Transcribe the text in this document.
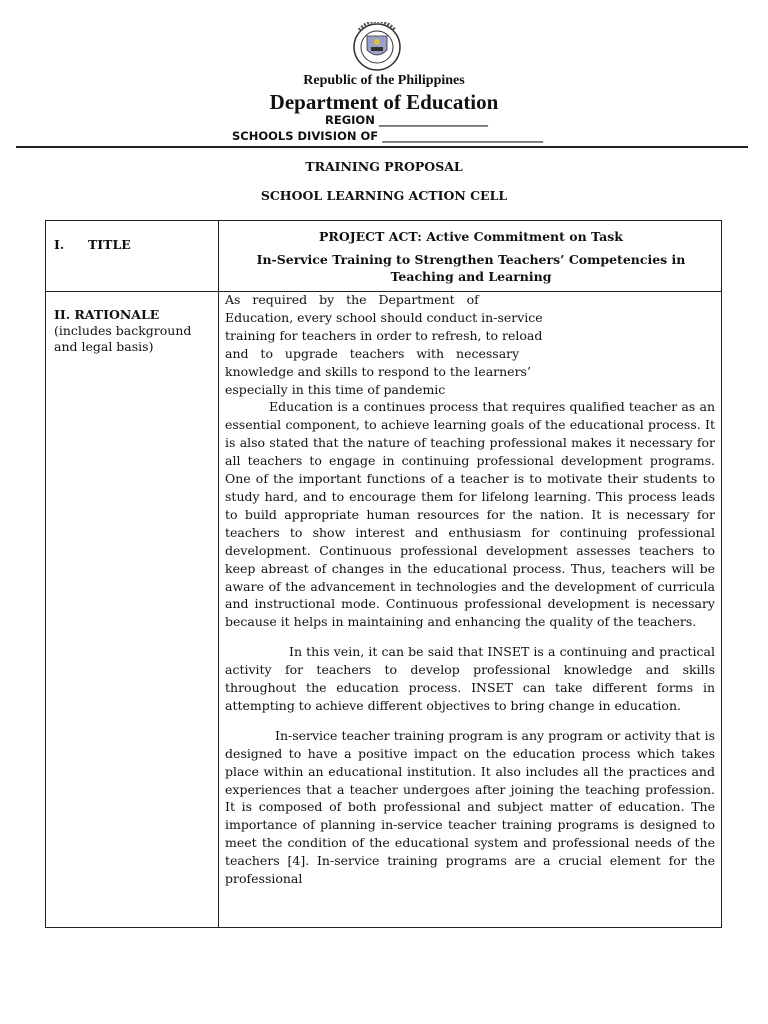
Republic of the Philippines
Department of Education
REGION ___________________
SCHOOLS DIVISION OF ____________________________
TRAINING PROPOSAL
SCHOOL LEARNING ACTION CELL
I. TITLE
PROJECT ACT: Active Commitment on Task
In-Service Training to Strengthen Teachers’ Competencies in Teaching and Learning
II. RATIONALE
(includes background and legal basis)

As   required   by   the   Department   of

Education, every school should conduct in-service

training for teachers in order to refresh, to reload

and   to   upgrade   teachers   with   necessary

knowledge and skills to respond to the learners’

especially in this time of pandemic

Education is a continues process that requires qualified teacher as an essential component, to achieve learning goals of the educational process. It is also stated that the nature of teaching professional makes it necessary for all teachers to engage in continuing professional development programs. One of the important functions of a teacher is to motivate their students to study hard, and to encourage them for lifelong learning. This process leads to build appropriate human resources for the nation. It is necessary for teachers to show interest and enthusiasm for continuing professional development. Continuous professional development assesses teachers to keep abreast of changes in the educational process. Thus, teachers will be aware of the advancement in technologies and the development of curricula and instructional mode. Continuous professional development is necessary because it helps in maintaining and enhancing the quality of the teachers.

In this vein, it can be said that INSET is a continuing and practical activity for teachers to develop professional knowledge and skills throughout the education process. INSET can take different forms in attempting to achieve different objectives to bring change in education.

In-service teacher training program is any program or activity that is designed to have a positive impact on the education process which takes place within an educational institution. It also includes all the practices and experiences that a teacher undergoes after joining the teaching profession. It is composed of both professional and subject matter of education. The importance of planning in-service teacher training programs is designed to meet the condition of the educational system and professional needs of the teachers [4]. In-service training programs are a crucial element for the professional
